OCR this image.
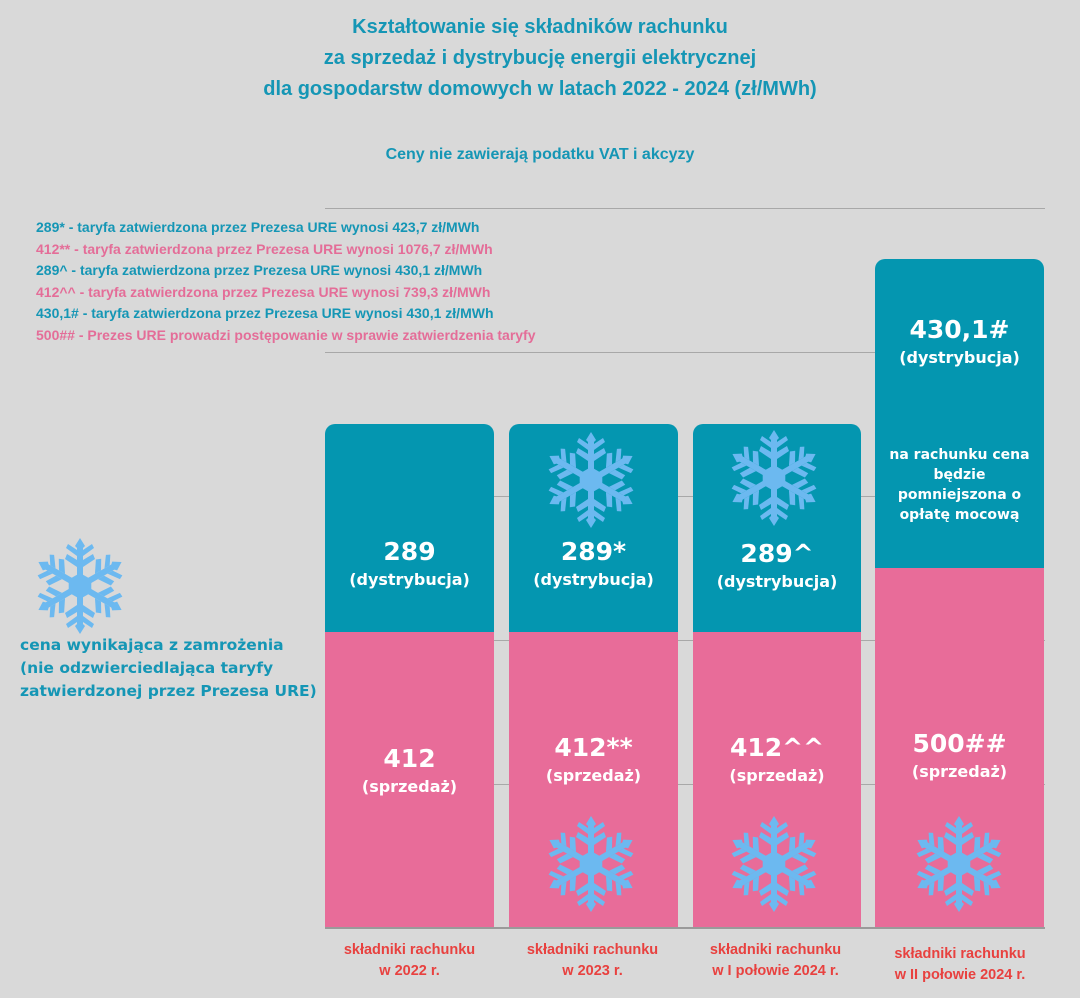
Kształtowanie się składników rachunku
za sprzedaż i dystrybucję energii elektrycznej
dla gospodarstw domowych w latach 2022 - 2024 (zł/MWh)
Ceny nie zawierają podatku VAT i akcyzy
289* - taryfa zatwierdzona przez Prezesa URE wynosi 423,7 zł/MWh
412** - taryfa zatwierdzona przez Prezesa URE wynosi 1076,7 zł/MWh
289^ - taryfa zatwierdzona przez Prezesa URE wynosi 430,1 zł/MWh
412^^ - taryfa zatwierdzona przez Prezesa URE wynosi 739,3 zł/MWh
430,1# - taryfa zatwierdzona przez Prezesa URE wynosi 430,1 zł/MWh
500## - Prezes URE prowadzi postępowanie w sprawie zatwierdzenia taryfy
cena wynikająca z zamrożenia
(nie odzwierciedlająca taryfy
zatwierdzonej przez Prezesa URE)
289
(dystrybucja)
412
(sprzedaż)
289*
(dystrybucja)
412**
(sprzedaż)
289^
(dystrybucja)
412^^
(sprzedaż)
430,1#
(dystrybucja)
na rachunku cena
będzie
pomniejszona o
opłatę mocową
500##
(sprzedaż)
składniki rachunku
w 2022 r.
składniki rachunku
w 2023 r.
składniki rachunku
w I połowie 2024 r.
składniki rachunku
w II połowie 2024 r.
